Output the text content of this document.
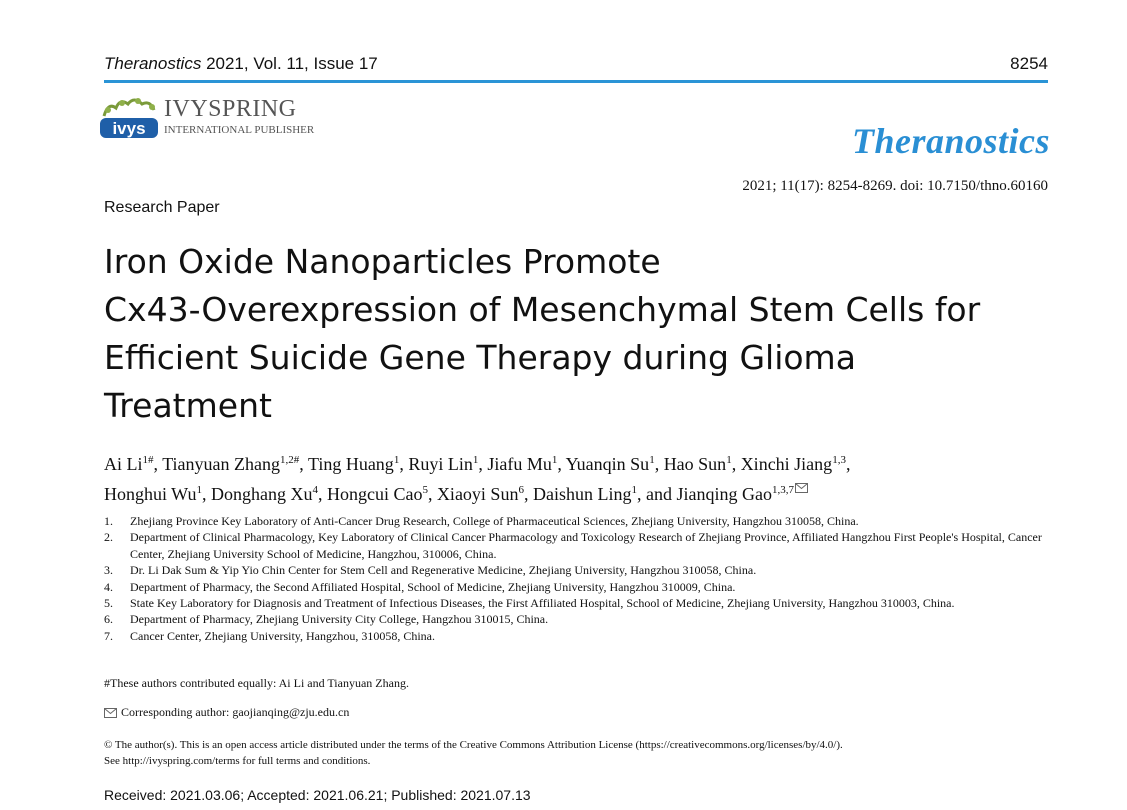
Theranostics 2021, Vol. 11, Issue 17	8254
ivys
IVYSPRING
INTERNATIONAL PUBLISHER	Theranostics
2021; 11(17): 8254-8269. doi: 10.7150/thno.60160
Research Paper
Iron Oxide Nanoparticles Promote
Cx43-Overexpression of Mesenchymal Stem Cells for
Efficient Suicide Gene Therapy during Glioma
Treatment
Ai $Li^{1\#}$, Tianyuan Zhang$^{1,2\#}$, Ting Huang$^1$, Ruyi Lin$^1$, Jiafu Mu$^1$, Yuanqin Su$^1$, Hao Sun$^1$, Xinchi Jiang$^{1,3}$,
Honghui Wu$^1$, Donghang Xu$^4$, Hongcui Cao$^5$, Xiaoyi Sun$^6$, Daishun Ling$^1$, and Jianqing Gao$^{1,3,7}$
1. Zhejiang Province Key Laboratory of Anti-Cancer Drug Research, College of Pharmaceutical Sciences, Zhejiang University, Hangzhou 310058, China.
2. Department of Clinical Pharmacology, Key Laboratory of Clinical Cancer Pharmacology and Toxicology Research of Zhejiang Province, Affiliated Hangzhou First People's Hospital, Cancer Center, Zhejiang University School of Medicine, Hangzhou, 310006, China.
3. Dr. Li Dak Sum & Yip Yio Chin Center for Stem Cell and Regenerative Medicine, Zhejiang University, Hangzhou 310058, China.
4. Department of Pharmacy, the Second Affiliated Hospital, School of Medicine, Zhejiang University, Hangzhou 310009, China.
5. State Key Laboratory for Diagnosis and Treatment of Infectious Diseases, the First Affiliated Hospital, School of Medicine, Zhejiang University, Hangzhou 310003, China.
6. Department of Pharmacy, Zhejiang University City College, Hangzhou 310015, China.
7. Cancer Center, Zhejiang University, Hangzhou, 310058, China.
#These authors contributed equally: Ai Li and Tianyuan Zhang.
Corresponding author: gaojianqing@zju.edu.cn
© The author(s). This is an open access article distributed under the terms of the Creative Commons Attribution License (https://creativecommons.org/licenses/by/4.0/).
See http://ivyspring.com/terms for full terms and conditions.
Received: 2021.03.06; Accepted: 2021.06.21; Published: 2021.07.13
